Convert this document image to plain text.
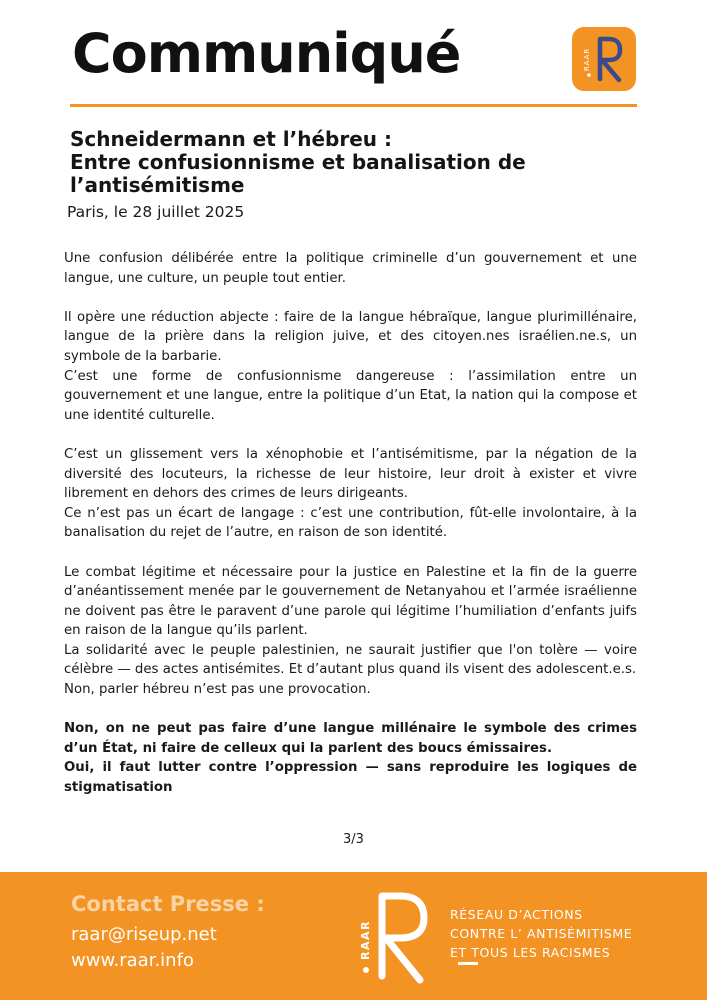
Communiqué	RAAR
Schneidermann et l’hébreu :
Entre confusionnisme et banalisation de
l’antisémitisme
Paris, le 28 juillet 2025

Une confusion délibérée entre la politique criminelle d’un gouvernement et une langue, une culture, un peuple tout entier.

Il opère une réduction abjecte : faire de la langue hébraïque, langue plurimillénaire, langue de la prière dans la religion juive, et des citoyen.nes israélien.ne.s, un symbole de la barbarie.

C’est une forme de confusionnisme dangereuse : l’assimilation entre un gouvernement et une langue, entre la politique d’un Etat, la nation qui la compose et une identité culturelle.

C’est un glissement vers la xénophobie et l’antisémitisme, par la négation de la diversité des locuteurs, la richesse de leur histoire, leur droit à exister et vivre librement en dehors des crimes de leurs dirigeants.

Ce n’est pas un écart de langage : c’est une contribution, fût-elle involontaire, à la banalisation du rejet de l’autre, en raison de son identité.

Le combat légitime et nécessaire pour la justice en Palestine et la fin de la guerre d’anéantissement menée par le gouvernement de Netanyahou et l’armée israélienne ne doivent pas être le paravent d’une parole qui légitime l’humiliation d’enfants juifs en raison de la langue qu’ils parlent.

La solidarité avec le peuple palestinien, ne saurait justifier que l'on tolère — voire célèbre — des actes antisémites. Et d’autant plus quand ils visent des adolescent.e.s.

Non, parler hébreu n’est pas une provocation.

Non, on ne peut pas faire d’une langue millénaire le symbole des crimes d’un État, ni faire de celleux qui la parlent des boucs émissaires.

Oui, il faut lutter contre l’oppression — sans reproduire les logiques de stigmatisation

3/3
Contact Presse :
raar@riseup.net
www.raar.info
RAAR
RÉSEAU D’ACTIONS
CONTRE L’ ANTISÉMITISME
ET TOUS LES RACISMES
